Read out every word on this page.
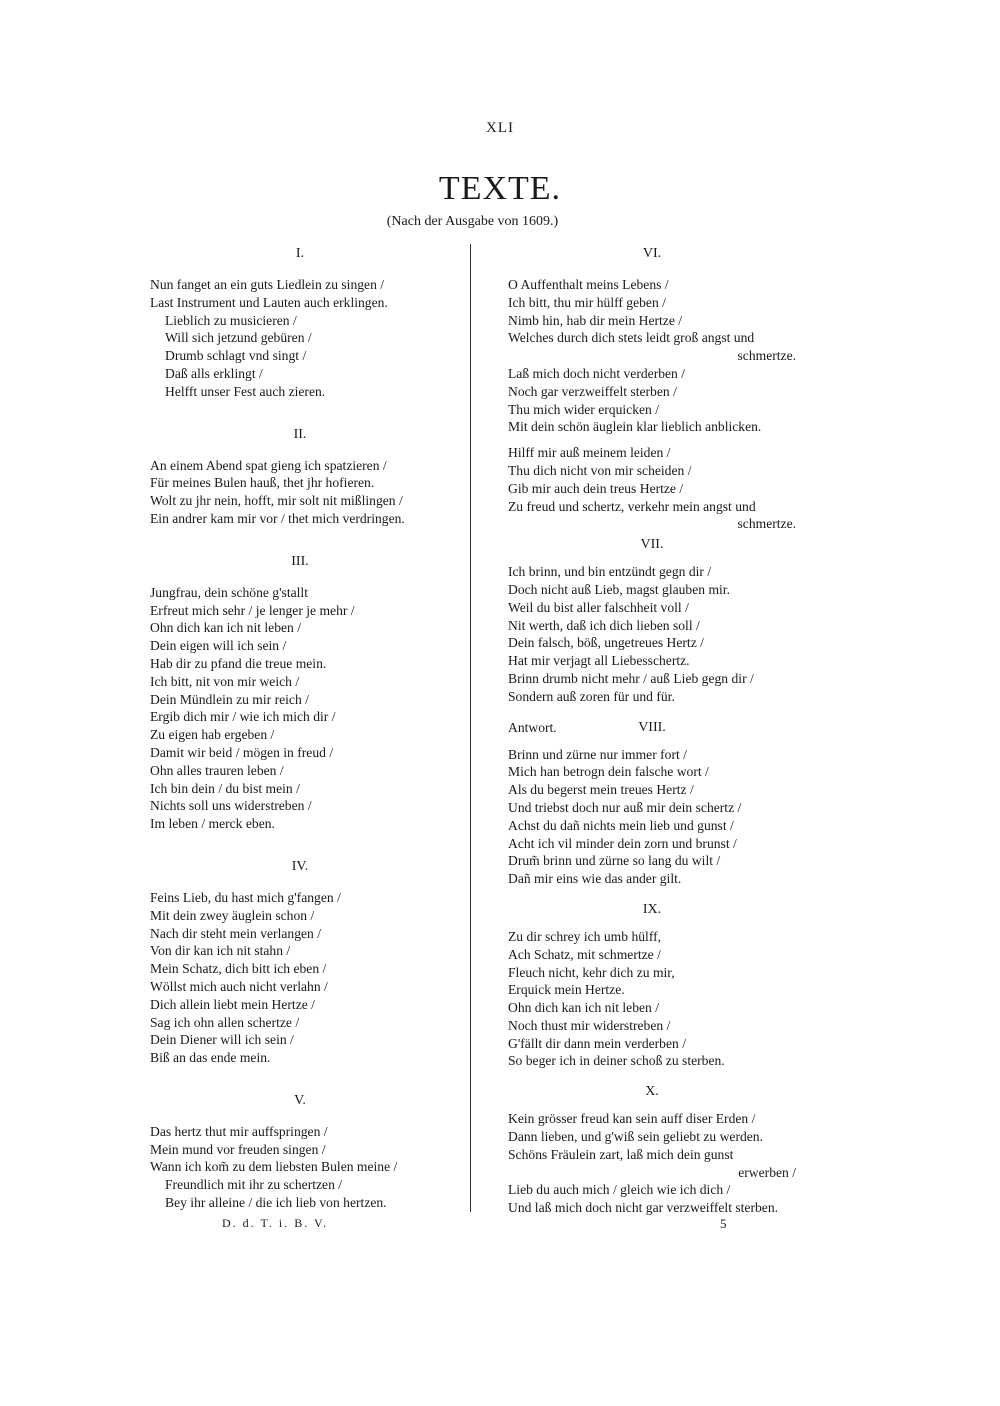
XLI
TEXTE.
(Nach der Ausgabe von 1609.)

I.

Nun fanget an ein guts Liedlein zu singen /
Last Instrument und Lauten auch erklingen.
Lieblich zu musicieren /
Will sich jetzund gebüren /
Drumb schlagt vnd singt /
Daß alls erklingt /
Helfft unser Fest auch zieren.

II.

An einem Abend spat gieng ich spatzieren /
Für meines Bulen hauß, thet jhr hofieren.
Wolt zu jhr nein, hofft, mir solt nit mißlingen /
Ein andrer kam mir vor / thet mich verdringen.

III.

Jungfrau, dein schöne g'stallt
Erfreut mich sehr / je lenger je mehr /
Ohn dich kan ich nit leben /
Dein eigen will ich sein /
Hab dir zu pfand die treue mein.
Ich bitt, nit von mir weich /
Dein Mündlein zu mir reich /
Ergib dich mir / wie ich mich dir /
Zu eigen hab ergeben /
Damit wir beid / mögen in freud /
Ohn alles trauren leben /
Ich bin dein / du bist mein /
Nichts soll uns widerstreben /
Im leben / merck eben.

IV.

Feins Lieb, du hast mich g'fangen /
Mit dein zwey äuglein schon /
Nach dir steht mein verlangen /
Von dir kan ich nit stahn /
Mein Schatz, dich bitt ich eben /
Wöllst mich auch nicht verlahn /
Dich allein liebt mein Hertze /
Sag ich ohn allen schertze /
Dein Diener will ich sein /
Biß an das ende mein.

V.

Das hertz thut mir auffspringen /
Mein mund vor freuden singen /
Wann ich kom̃ zu dem liebsten Bulen meine /
Freundlich mit ihr zu schertzen /
Bey ihr alleine / die ich lieb von hertzen.

VI.

O Auffenthalt meins Lebens /
Ich bitt, thu mir hülff geben /
Nimb hin, hab dir mein Hertze /
Welches durch dich stets leidt groß angst und
schmertze.
Laß mich doch nicht verderben /
Noch gar verzweiffelt sterben /
Thu mich wider erquicken /
Mit dein schön äuglein klar lieblich anblicken.
Hilff mir auß meinem leiden /
Thu dich nicht von mir scheiden /
Gib mir auch dein treus Hertze /
Zu freud und schertz, verkehr mein angst und
schmertze.

VII.

Ich brinn, und bin entzündt gegn dir /
Doch nicht auß Lieb, magst glauben mir.
Weil du bist aller falschheit voll /
Nit werth, daß ich dich lieben soll /
Dein falsch, böß, ungetreues Hertz /
Hat mir verjagt all Liebesschertz.
Brinn drumb nicht mehr / auß Lieb gegn dir /
Sondern auß zoren für und für.
Antwort.	VIII.

Brinn und zürne nur immer fort /
Mich han betrogn dein falsche wort /
Als du begerst mein treues Hertz /
Und triebst doch nur auß mir dein schertz /
Achst du dañ nichts mein lieb und gunst /
Acht ich vil minder dein zorn und brunst /
Drum̃ brinn und zürne so lang du wilt /
Dañ mir eins wie das ander gilt.

IX.

Zu dir schrey ich umb hülff,
Ach Schatz, mit schmertze /
Fleuch nicht, kehr dich zu mir,
Erquick mein Hertze.
Ohn dich kan ich nit leben /
Noch thust mir widerstreben /
G'fällt dir dann mein verderben /
So beger ich in deiner schoß zu sterben.

X.

Kein grösser freud kan sein auff diser Erden /
Dann lieben, und g'wiß sein geliebt zu werden.
Schöns Fräulein zart, laß mich dein gunst
erwerben /
Lieb du auch mich / gleich wie ich dich /
Und laß mich doch nicht gar verzweiffelt sterben.
D. d. T. i. B. V.	5
